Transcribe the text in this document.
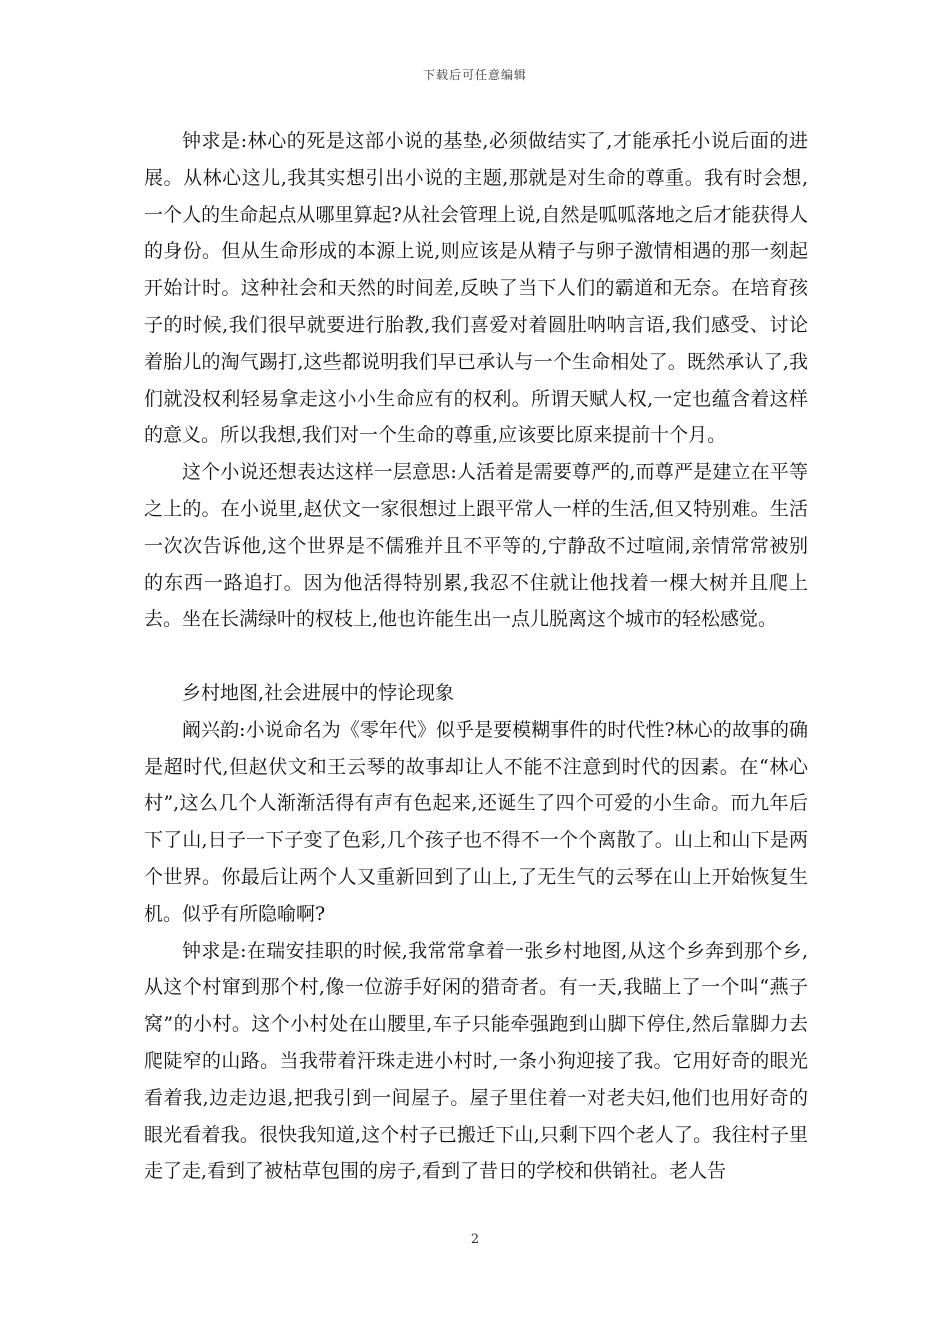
下载后可任意编辑

钟求是:林心的死是这部小说的基垫,必须做结实了,才能承托小说后面的进展。从林心这儿,我其实想引出小说的主题,那就是对生命的尊重。我有时会想,一个人的生命起点从哪里算起?从社会管理上说,自然是呱呱落地之后才能获得人的身份。但从生命形成的本源上说,则应该是从精子与卵子激情相遇的那一刻起开始计时。这种社会和天然的时间差,反映了当下人们的霸道和无奈。在培育孩子的时候,我们很早就要进行胎教,我们喜爱对着圆肚呐呐言语,我们感受、讨论着胎儿的淘气踢打,这些都说明我们早已承认与一个生命相处了。既然承认了,我们就没权利轻易拿走这小小生命应有的权利。所谓天赋人权,一定也蕴含着这样的意义。所以我想,我们对一个生命的尊重,应该要比原来提前十个月。

这个小说还想表达这样一层意思:人活着是需要尊严的,而尊严是建立在平等之上的。在小说里,赵伏文一家很想过上跟平常人一样的生活,但又特别难。生活一次次告诉他,这个世界是不儒雅并且不平等的,宁静敌不过喧闹,亲情常常被别的东西一路追打。因为他活得特别累,我忍不住就让他找着一棵大树并且爬上去。坐在长满绿叶的杈枝上,他也许能生出一点儿脱离这个城市的轻松感觉。

乡村地图,社会进展中的悖论现象

阚兴韵:小说命名为《零年代》似乎是要模糊事件的时代性?林心的故事的确是超时代,但赵伏文和王云琴的故事却让人不能不注意到时代的因素。在“林心村”,这么几个人渐渐活得有声有色起来,还诞生了四个可爱的小生命。而九年后下了山,日子一下子变了色彩,几个孩子也不得不一个个离散了。山上和山下是两个世界。你最后让两个人又重新回到了山上,了无生气的云琴在山上开始恢复生机。似乎有所隐喻啊?

钟求是:在瑞安挂职的时候,我常常拿着一张乡村地图,从这个乡奔到那个乡,从这个村窜到那个村,像一位游手好闲的猎奇者。有一天,我瞄上了一个叫“燕子窝”的小村。这个小村处在山腰里,车子只能牵强跑到山脚下停住,然后靠脚力去爬陡窄的山路。当我带着汗珠走进小村时,一条小狗迎接了我。它用好奇的眼光看着我,边走边退,把我引到一间屋子。屋子里住着一对老夫妇,他们也用好奇的眼光看着我。很快我知道,这个村子已搬迁下山,只剩下四个老人了。我往村子里走了走,看到了被枯草包围的房子,看到了昔日的学校和供销社。老人告

2
